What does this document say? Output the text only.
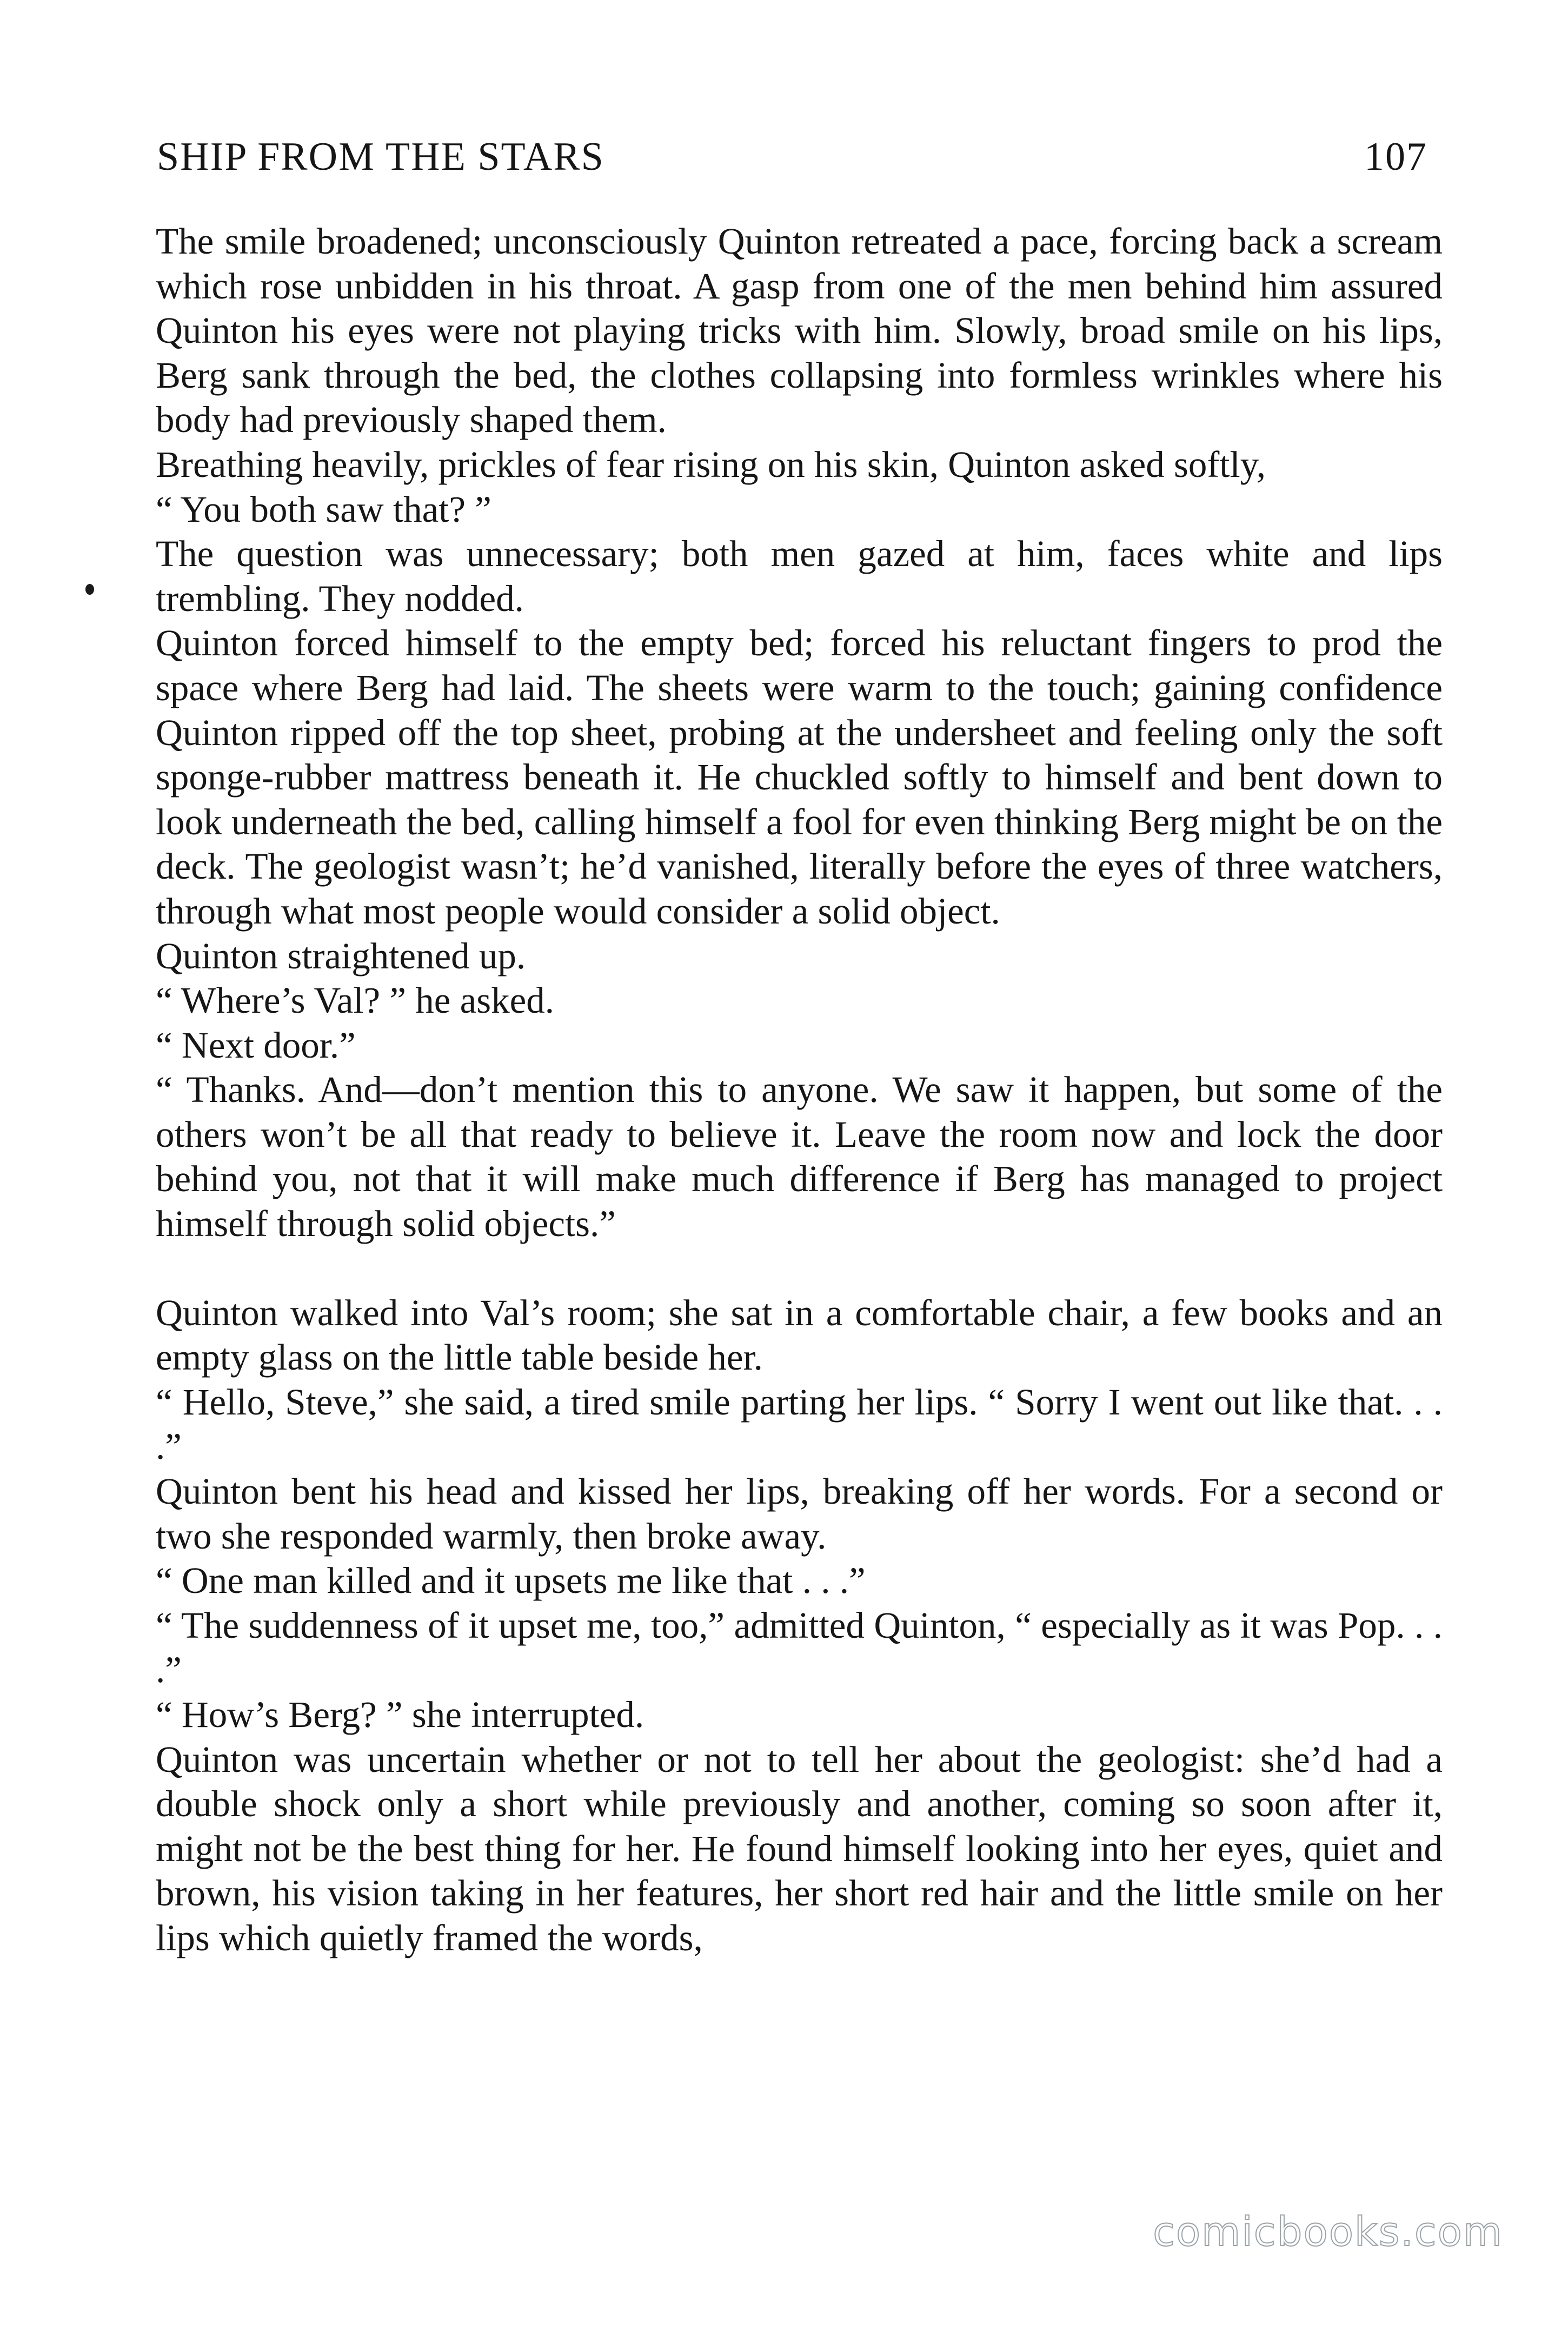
SHIP FROM THE STARS	107

The smile broadened; unconsciously Quinton retreated a pace, forcing back a scream which rose unbidden in his throat. A gasp from one of the men behind him assured Quinton his eyes were not playing tricks with him. Slowly, broad smile on his lips, Berg sank through the bed, the clothes collapsing into formless wrinkles where his body had previously shaped them.

Breathing heavily, prickles of fear rising on his skin, Quinton asked softly,

“ You both saw that? ”

The question was unnecessary; both men gazed at him, faces white and lips trembling. They nodded.

Quinton forced himself to the empty bed; forced his reluctant fingers to prod the space where Berg had laid. The sheets were warm to the touch; gaining confidence Quinton ripped off the top sheet, probing at the undersheet and feeling only the soft sponge-rubber mattress beneath it. He chuckled softly to himself and bent down to look underneath the bed, calling himself a fool for even thinking Berg might be on the deck. The geologist wasn’t; he’d vanished, literally before the eyes of three watchers, through what most people would consider a solid object.

Quinton straightened up.

“ Where’s Val? ” he asked.

“ Next door.”

“ Thanks. And—don’t mention this to anyone. We saw it happen, but some of the others won’t be all that ready to believe it. Leave the room now and lock the door behind you, not that it will make much difference if Berg has managed to project himself through solid objects.”

Quinton walked into Val’s room; she sat in a comfortable chair, a few books and an empty glass on the little table beside her.

“ Hello, Steve,” she said, a tired smile parting her lips. “ Sorry I went out like that. . . .”

Quinton bent his head and kissed her lips, breaking off her words. For a second or two she responded warmly, then broke away.

“ One man killed and it upsets me like that . . .”

“ The suddenness of it upset me, too,” admitted Quinton, “ especially as it was Pop. . . .”

“ How’s Berg? ” she interrupted.

Quinton was uncertain whether or not to tell her about the geologist: she’d had a double shock only a short while previously and another, coming so soon after it, might not be the best thing for her. He found himself looking into her eyes, quiet and brown, his vision taking in her features, her short red hair and the little smile on her lips which quietly framed the words,

comicbooks.com
